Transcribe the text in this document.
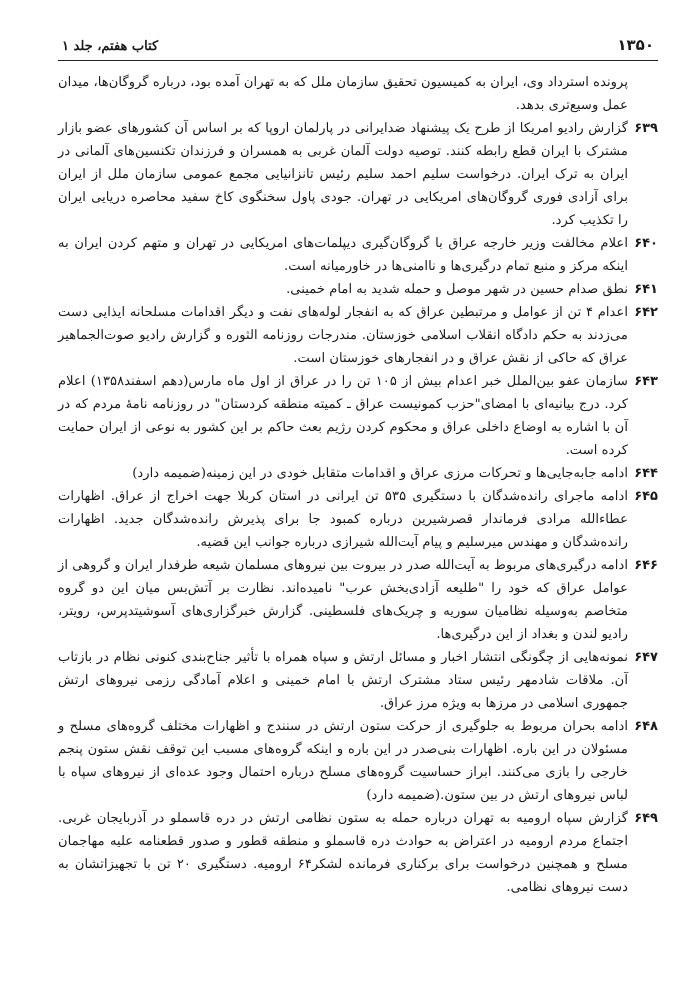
۱۳۵۰
کتاب هفتم، جلد ۱

پرونده استرداد وی، ایران به کمیسیون تحقیق سازمان ملل که به تهران آمده بود، درباره گروگان‌ها، میدان عمل وسیع‌تری بدهد.

۶۳۹
گزارش رادیو امریکا از طرح یک پیشنهاد ضدایرانی در پارلمان اروپا که بر اساس آن کشورهای عضو بازار مشترک با ایران قطع رابطه کنند. توصیه دولت آلمان غربی به همسران و فرزندان تکنسین‌های آلمانی در ایران به ترک ایران. درخواست سلیم احمد سلیم رئیس تانزانیایی مجمع عمومی سازمان ملل از ایران برای آزادی فوری گروگان‌های امریکایی در تهران. جودی پاول سخنگوی کاخ سفید محاصره دریایی ایران را تکذیب کرد.
۶۴۰
اعلام مخالفت وزیر خارجه عراق با گروگان‌گیری دیپلمات‌های امریکایی در تهران و متهم کردن ایران به اینکه مرکز و منبع تمام درگیری‌ها و ناامنی‌ها در خاورمیانه است.
۶۴۱
نطق صدام حسین در شهر موصل و حمله شدید به امام خمینی.
۶۴۲
اعدام ۴ تن از عوامل و مرتبطین عراق که به انفجار لوله‌های نفت و دیگر اقدامات مسلحانه ایذایی دست می‌زدند به حکم دادگاه انقلاب اسلامی خوزستان. مندرجات روزنامه الثوره و گزارش رادیو صوت‌الجماهیر عراق که حاکی از نقش عراق و در انفجارهای خوزستان است.
۶۴۳
سازمان عفو بین‌الملل خبر اعدام بیش از ۱۰۵ تن را در عراق از اول ماه مارس(دهم اسفند۱۳۵۸) اعلام کرد. درج بیانیه‌ای با امضای"حزب کمونیست عراق ـ کمیته منطقه کردستان" در روزنامه نامهٔ مردم که در آن با اشاره به اوضاع داخلی عراق و محکوم کردن رژیم بعث حاکم بر این کشور به نوعی از ایران حمایت کرده است.
۶۴۴
ادامه جابه‌جایی‌ها و تحرکات مرزی عراق و اقدامات متقابل خودی در این زمینه(ضمیمه دارد)
۶۴۵
ادامه ماجرای رانده‌شدگان با دستگیری ۵۳۵ تن ایرانی در استان کربلا جهت اخراج از عراق. اظهارات عطاءالله مرادی فرماندار قصرشیرین درباره کمبود جا برای پذیرش رانده‌شدگان جدید. اظهارات رانده‌شدگان و مهندس میرسلیم و پیام آیت‌الله شیرازی درباره جوانب این قضیه.
۶۴۶
ادامه درگیری‌های مربوط به آیت‌الله صدر در بیروت بین نیروهای مسلمان شیعه طرفدار ایران و گروهی از عوامل عراق که خود را "طلیعه آزادی‌بخش عرب" نامیده‌اند. نظارت بر آتش‌بس میان این دو گروه متخاصم به‌وسیله نظامیان سوریه و چریک‌های فلسطینی. گزارش خبرگزاری‌های آسوشیتدپرس، رویتر، رادیو لندن و بغداد از این درگیری‌ها.
۶۴۷
نمونه‌هایی از چگونگی انتشار اخبار و مسائل ارتش و سپاه همراه با تأثیر جناح‌بندی کنونی نظام در بازتاب آن. ملاقات شادمهر رئیس ستاد مشترک ارتش با امام خمینی و اعلام آمادگی رزمی نیروهای ارتش جمهوری اسلامی در مرزها به ویژه مرز عراق.
۶۴۸
ادامه بحران مربوط به جلوگیری از حرکت ستون ارتش در سنندج و اظهارات مختلف گروه‌های مسلح و مسئولان در این باره. اظهارات بنی‌صدر در این باره و اینکه گروه‌های مسبب این توقف نقش ستون پنجم خارجی را بازی می‌کنند. ابراز حساسیت گروه‌های مسلح درباره احتمال وجود عده‌ای از نیروهای سپاه با لباس نیروهای ارتش در بین ستون.(ضمیمه دارد)
۶۴۹
گزارش سپاه ارومیه به تهران درباره حمله به ستون نظامی ارتش در دره قاسملو در آذربایجان غربی. اجتماع مردم ارومیه در اعتراض به حوادث دره قاسملو و منطقه قطور و صدور قطعنامه علیه مهاجمان مسلح و همچنین درخواست برای برکناری فرمانده لشکر۶۴ ارومیه. دستگیری ۲۰ تن با تجهیزاتشان به دست نیروهای نظامی.
